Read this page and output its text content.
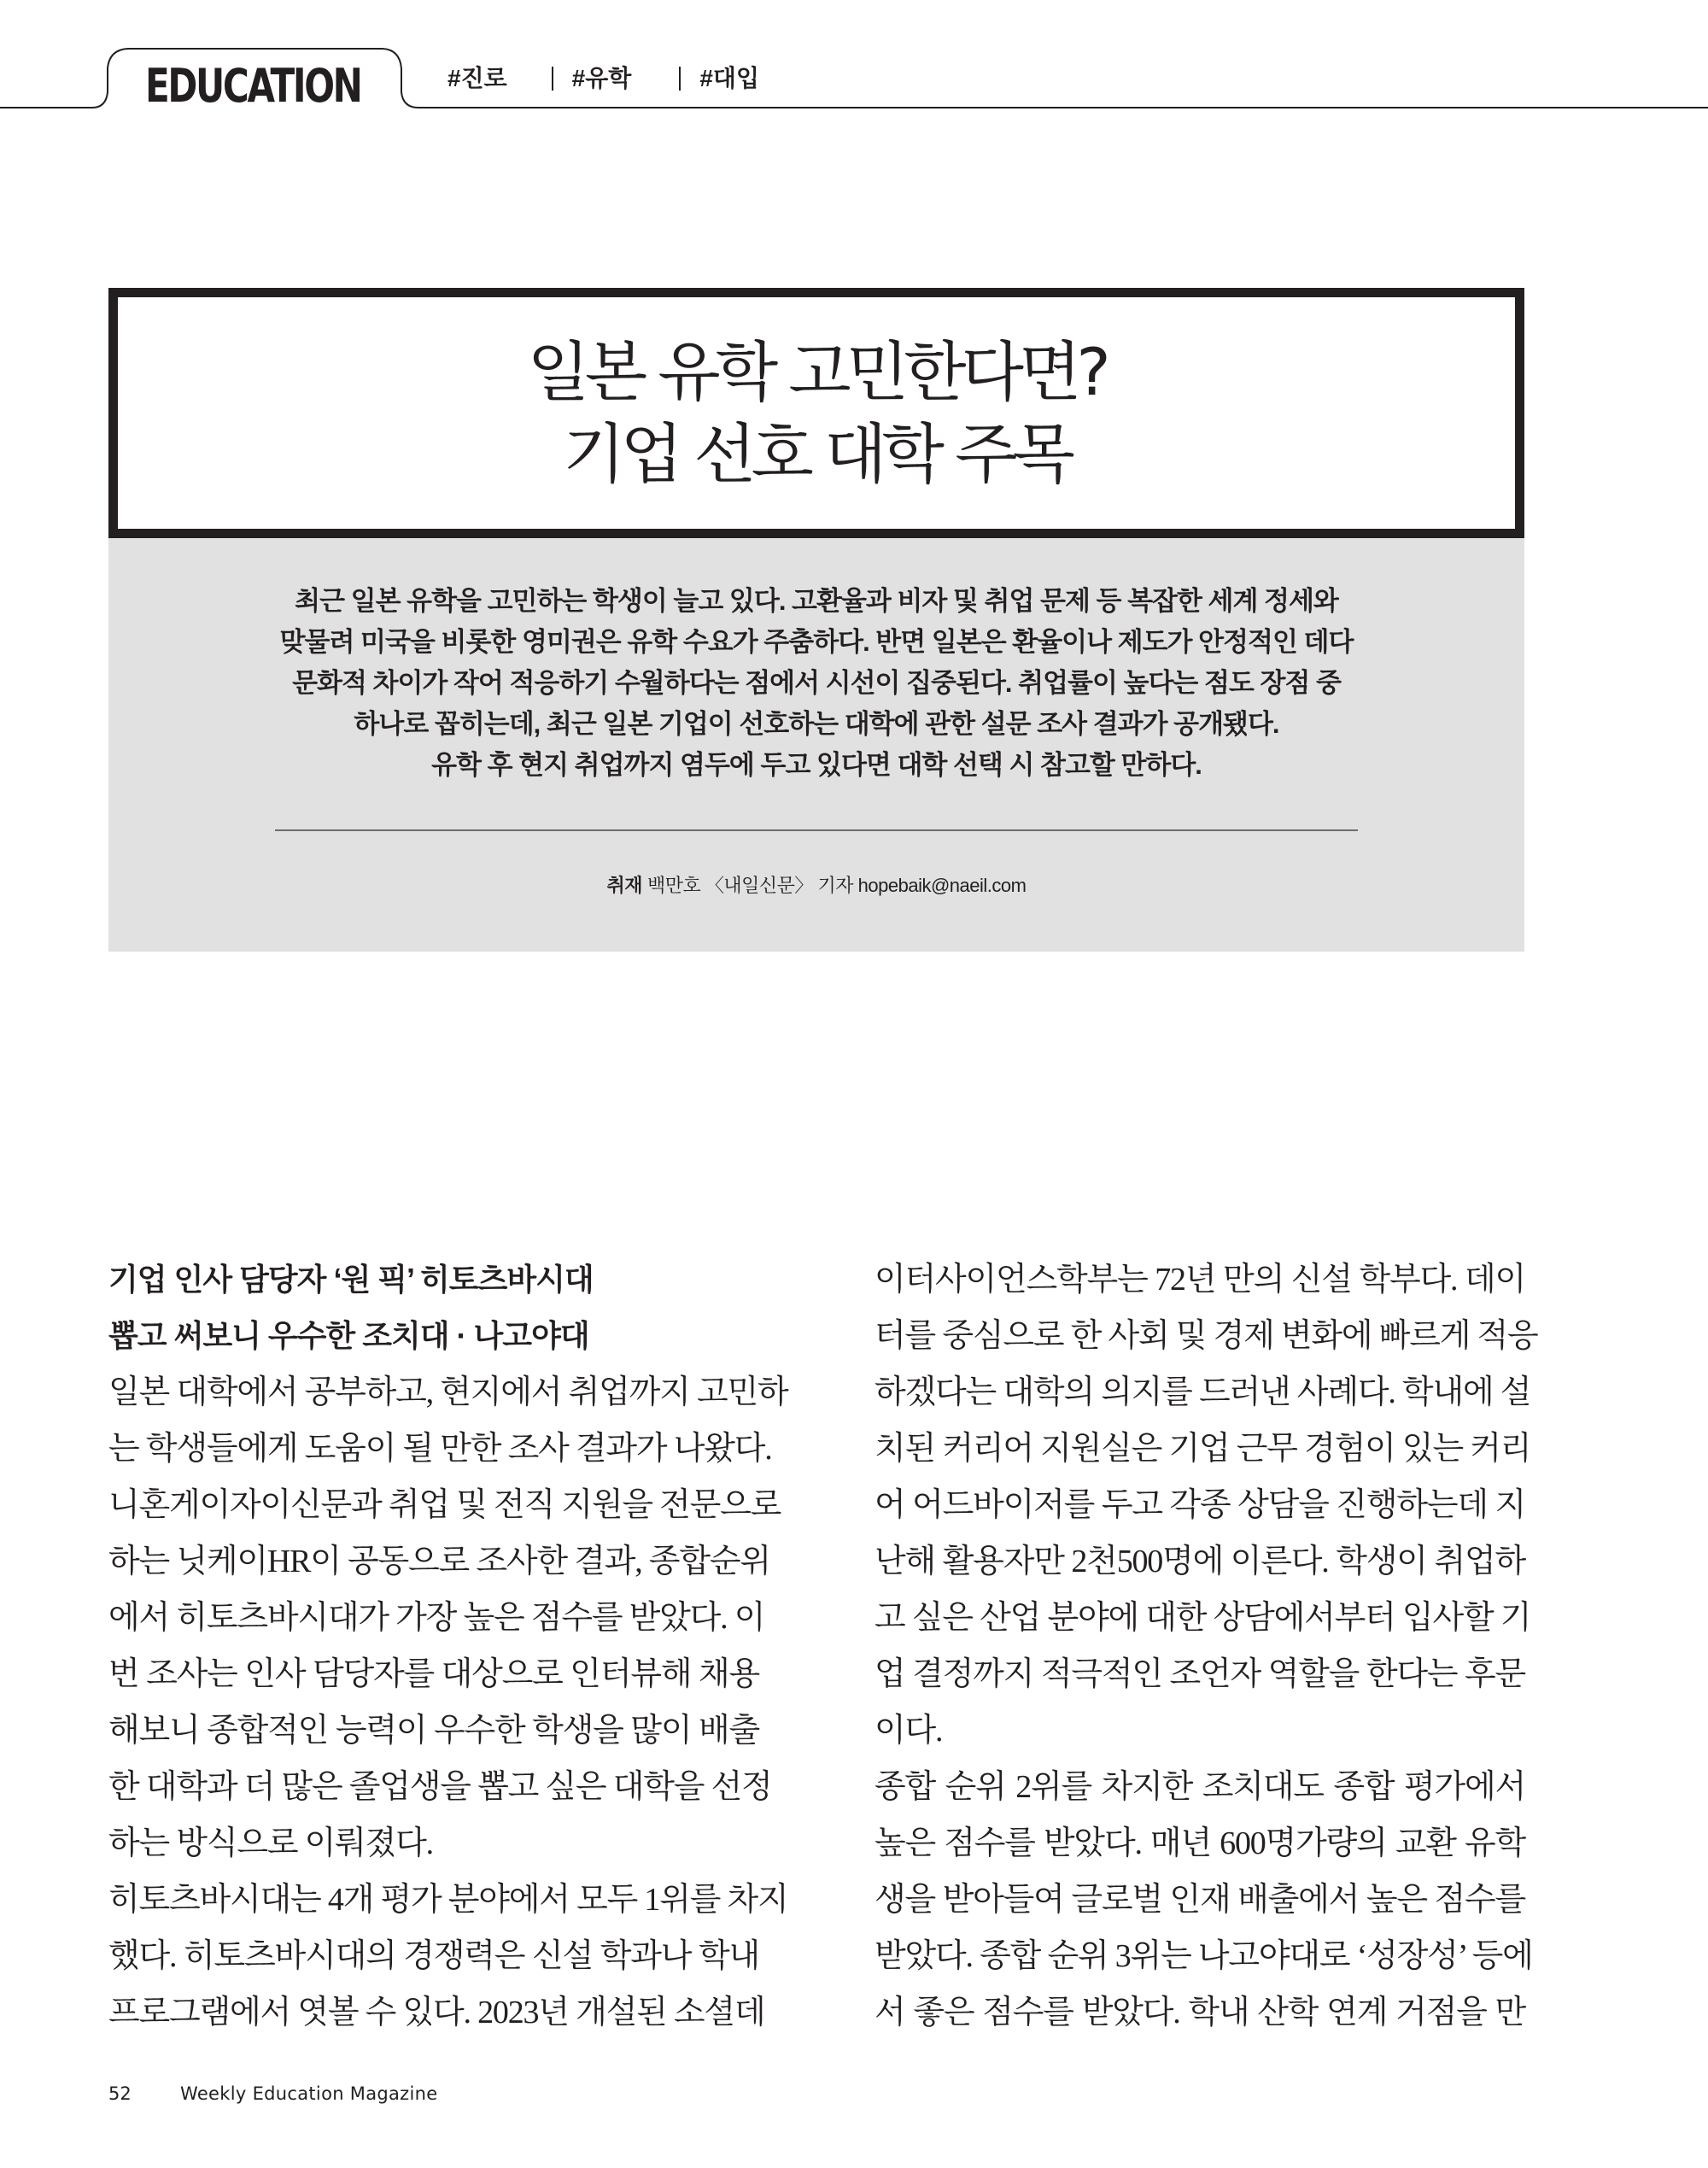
EDUCATION	#진로	#유학	#대입
일본 유학 고민한다면?
기업 선호 대학 주목
최근 일본 유학을 고민하는 학생이 늘고 있다. 고환율과 비자 및 취업 문제 등 복잡한 세계 정세와
맞물려 미국을 비롯한 영미권은 유학 수요가 주춤하다. 반면 일본은 환율이나 제도가 안정적인 데다
문화적 차이가 작어 적응하기 수월하다는 점에서 시선이 집중된다. 취업률이 높다는 점도 장점 중
하나로 꼽히는데, 최근 일본 기업이 선호하는 대학에 관한 설문 조사 결과가 공개됐다.
유학 후 현지 취업까지 염두에 두고 있다면 대학 선택 시 참고할 만하다.
취재 백만호 〈내일신문〉 기자 hopebaik@naeil.com
기업 인사 담당자 ‘원 픽’ 히토츠바시대
뽑고 써보니 우수한 조치대 · 나고야대
일본 대학에서 공부하고, 현지에서 취업까지 고민하
는 학생들에게 도움이 될 만한 조사 결과가 나왔다.
니혼게이자이신문과 취업 및 전직 지원을 전문으로
하는 닛케이HR이 공동으로 조사한 결과, 종합순위
에서 히토츠바시대가 가장 높은 점수를 받았다. 이
번 조사는 인사 담당자를 대상으로 인터뷰해 채용
해보니 종합적인 능력이 우수한 학생을 많이 배출
한 대학과 더 많은 졸업생을 뽑고 싶은 대학을 선정
하는 방식으로 이뤄졌다.
히토츠바시대는 4개 평가 분야에서 모두 1위를 차지
했다. 히토츠바시대의 경쟁력은 신설 학과나 학내
프로그램에서 엿볼 수 있다. 2023년 개설된 소셜데
이터사이언스학부는 72년 만의 신설 학부다. 데이
터를 중심으로 한 사회 및 경제 변화에 빠르게 적응
하겠다는 대학의 의지를 드러낸 사례다. 학내에 설
치된 커리어 지원실은 기업 근무 경험이 있는 커리
어 어드바이저를 두고 각종 상담을 진행하는데 지
난해 활용자만 2천500명에 이른다. 학생이 취업하
고 싶은 산업 분야에 대한 상담에서부터 입사할 기
업 결정까지 적극적인 조언자 역할을 한다는 후문
이다.
종합 순위 2위를 차지한 조치대도 종합 평가에서
높은 점수를 받았다. 매년 600명가량의 교환 유학
생을 받아들여 글로벌 인재 배출에서 높은 점수를
받았다. 종합 순위 3위는 나고야대로 ‘성장성’ 등에
서 좋은 점수를 받았다. 학내 산학 연계 거점을 만
52	Weekly Education Magazine
